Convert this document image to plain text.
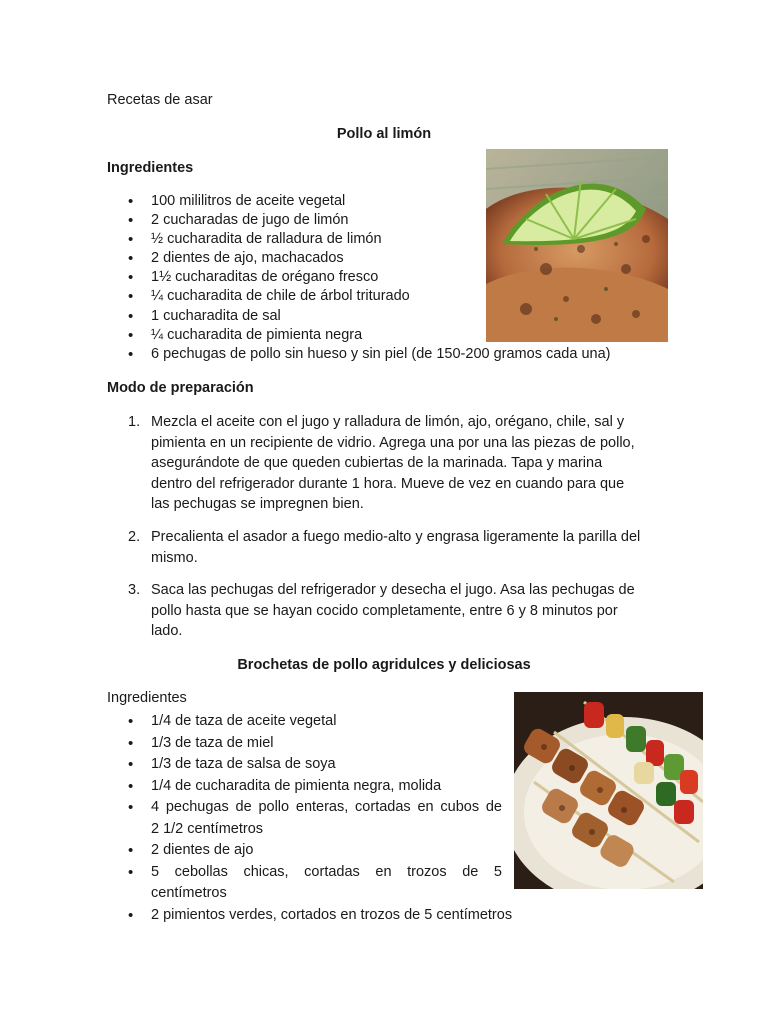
Recetas de asar
Pollo al limón
Ingredientes
• 100 mililitros de aceite vegetal
• 2 cucharadas de jugo de limón
• ½ cucharadita de ralladura de limón
• 2 dientes de ajo, machacados
• 1½ cucharaditas de orégano fresco
• ¼ cucharadita de chile de árbol triturado
• 1 cucharadita de sal
• ¼ cucharadita de pimienta negra
• 6 pechugas de pollo sin hueso y sin piel (de 150-200 gramos cada una)
Modo de preparación
1. Mezcla el aceite con el jugo y ralladura de limón, ajo, orégano, chile, sal y
pimienta en un recipiente de vidrio. Agrega una por una las piezas de pollo,
asegurándote de que queden cubiertas de la marinada. Tapa y marina
dentro del refrigerador durante 1 hora. Mueve de vez en cuando para que
las pechugas se impregnen bien.
2. Precalienta el asador a fuego medio-alto y engrasa ligeramente la parilla del
mismo.
3. Saca las pechugas del refrigerador y desecha el jugo. Asa las pechugas de
pollo hasta que se hayan cocido completamente, entre 6 y 8 minutos por
lado.
Brochetas de pollo agridulces y deliciosas
Ingredientes
• 1/4 de taza de aceite vegetal
• 1/3 de taza de miel
• 1/3 de taza de salsa de soya
• 1/4 de cucharadita de pimienta negra, molida
• 4 pechugas de pollo enteras, cortadas en cubos de
2 1/2 centímetros
• 2 dientes de ajo
• 5 cebollas chicas, cortadas en trozos de 5
centímetros
• 2 pimientos verdes, cortados en trozos de 5 centímetros
